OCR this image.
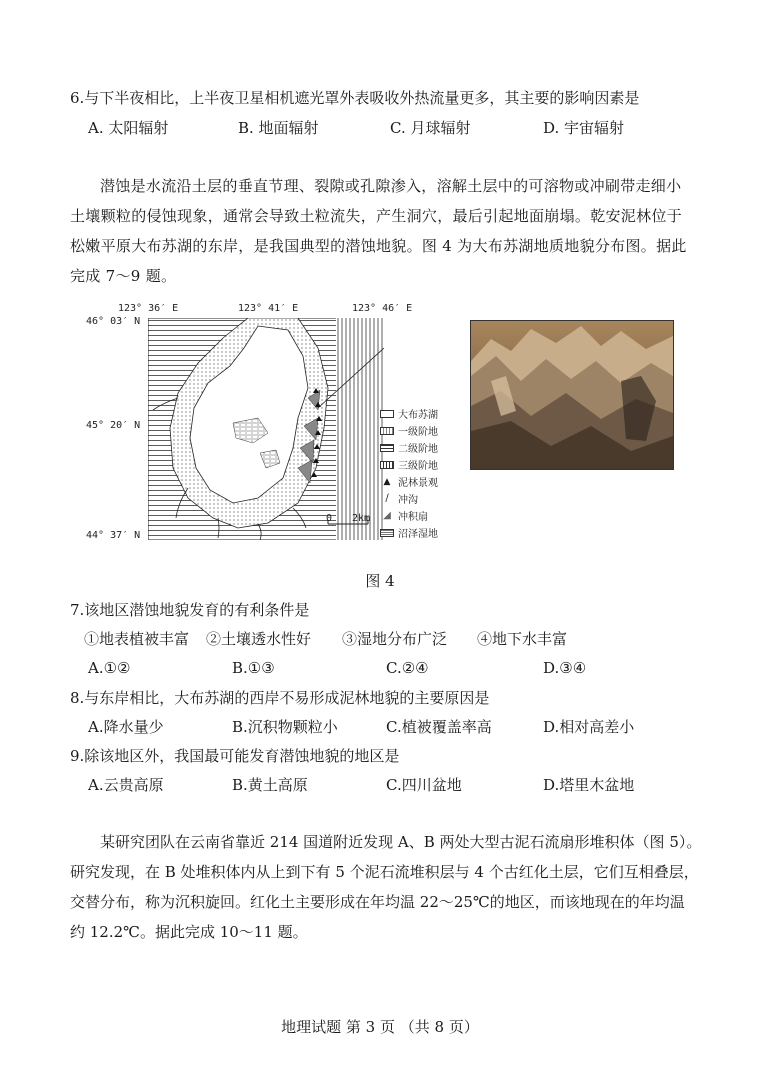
6.与下半夜相比，上半夜卫星相机遮光罩外表吸收外热流量更多，其主要的影响因素是
A. 太阳辐射	B. 地面辐射	C. 月球辐射	D. 宇宙辐射
潜蚀是水流沿土层的垂直节理、裂隙或孔隙渗入，溶解土层中的可溶物或冲刷带走细小
土壤颗粒的侵蚀现象，通常会导致土粒流失，产生洞穴，最后引起地面崩塌。乾安泥林位于
松嫩平原大布苏湖的东岸，是我国典型的潜蚀地貌。图 4 为大布苏湖地质地貌分布图。据此
完成 7～9 题。
123° 36′ E	123° 41′ E	123° 46′ E
46° 03′ N
45° 20′ N
44° 37′ N
0 2km
大布苏湖
一级阶地
二级阶地
三级阶地
▲ 泥林景观
/ 冲沟
◢ 冲积扇
沼泽湿地
图 4
7.该地区潜蚀地貌发育的有利条件是
①地表植被丰富 ②土壤透水性好 ③湿地分布广泛 ④地下水丰富
A.①②	B.①③	C.②④	D.③④
8.与东岸相比，大布苏湖的西岸不易形成泥林地貌的主要原因是
A.降水量少	B.沉积物颗粒小	C.植被覆盖率高	D.相对高差小
9.除该地区外，我国最可能发育潜蚀地貌的地区是
A.云贵高原	B.黄土高原	C.四川盆地	D.塔里木盆地
某研究团队在云南省靠近 214 国道附近发现 A、B 两处大型古泥石流扇形堆积体（图 5）。
研究发现，在 B 处堆积体内从上到下有 5 个泥石流堆积层与 4 个古红化土层，它们互相叠层，
交替分布，称为沉积旋回。红化土主要形成在年均温 22～25℃的地区，而该地现在的年均温
约 12.2℃。据此完成 10～11 题。
地理试题 第 3 页 （共 8 页）
